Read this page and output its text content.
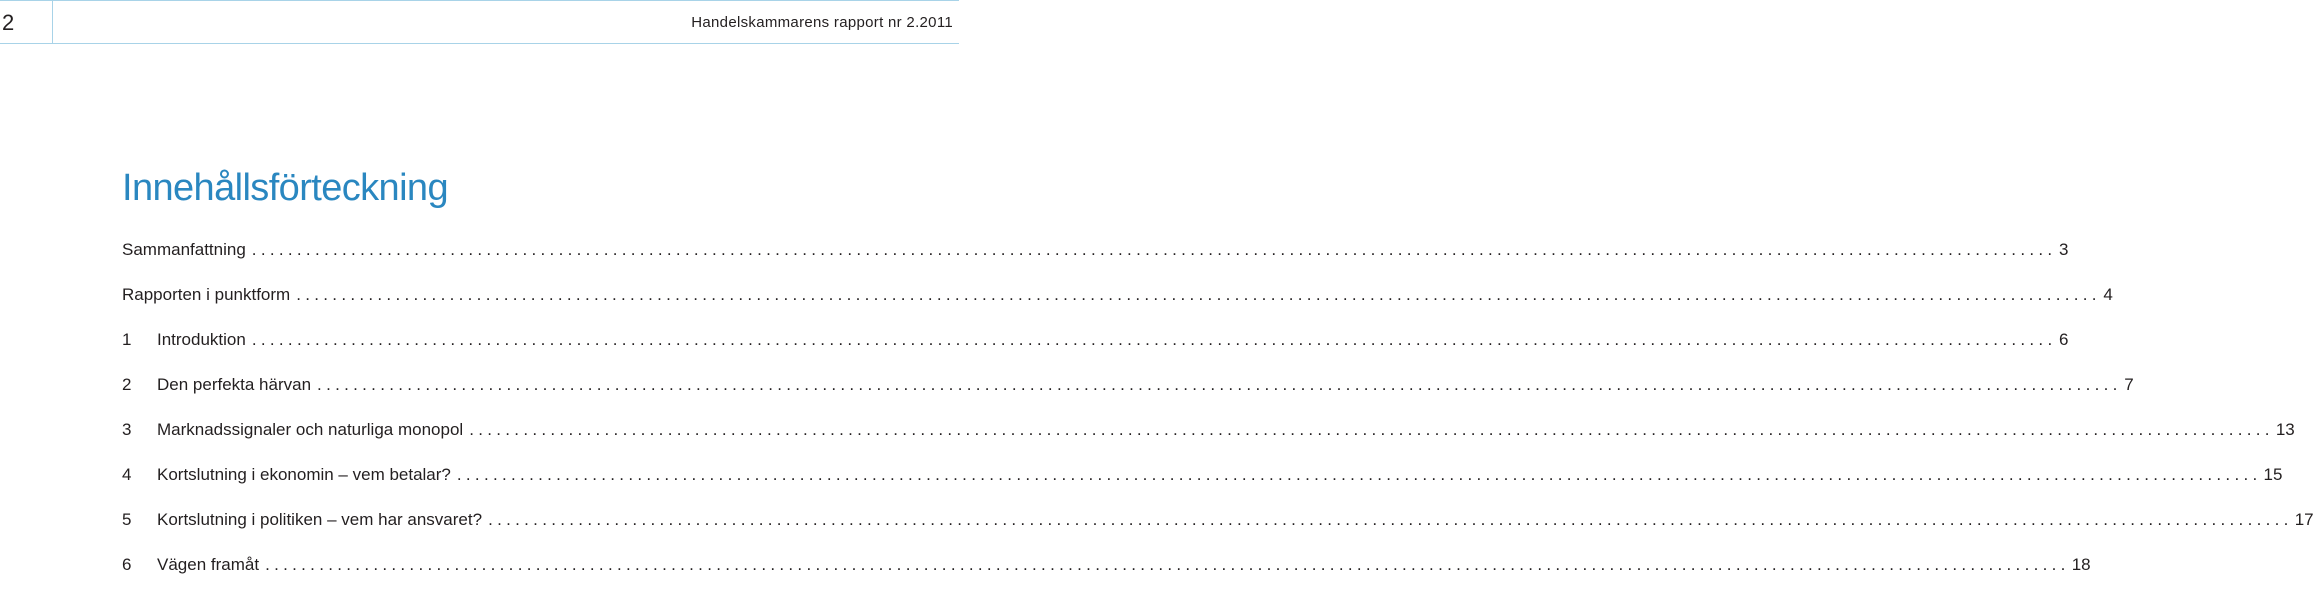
2	Handelskammarens rapport nr 2.2011
Innehållsförteckning
Sammanfattning ........................................................................................................................................................................................................ 3
Rapporten i punktform ........................................................................................................................................................................................................ 4
1	Introduktion ........................................................................................................................................................................................................ 6
2	Den perfekta härvan ........................................................................................................................................................................................................ 7
3	Marknadssignaler och naturliga monopol ........................................................................................................................................................................................................ 13
4	Kortslutning i ekonomin – vem betalar? ........................................................................................................................................................................................................ 15
5	Kortslutning i politiken – vem har ansvaret? ........................................................................................................................................................................................................ 17
6	Vägen framåt ........................................................................................................................................................................................................ 18
